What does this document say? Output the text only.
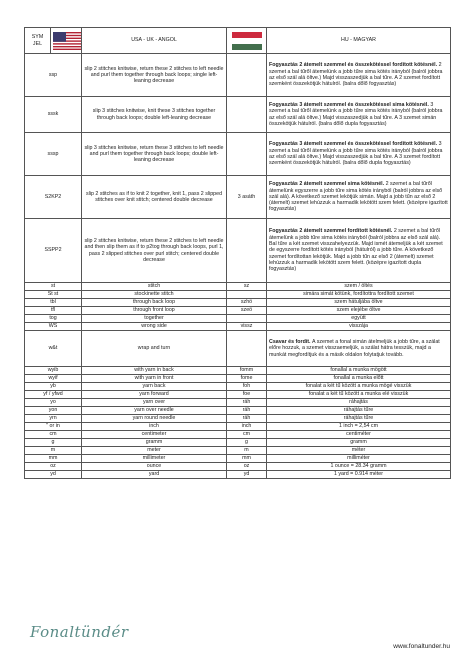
SYM JEL		USA - UK - ANGOL		HU - MAGYAR
ssp		slip 2 stitches knitwise, return these 2 stitches to left needle and purl them together through back loops; single left-leaning decrease		Fogyasztás 2 átemelt szemmel és összekötéssel fordított kötésnél. 2 szemet a bal tűről átemelünk a jobb tűre sima kötés irányból (balról jobbra az első szál alá öltve.) Majd visszaszedjük a bal tűre. A 2 szemet fordított szemként összekötjük hátulról. (balra dőlő fogyasztás)
sssk		slip 3 stitches knitwise, knit these 3 stitches together through back loops; double left-leaning decrease		Fogyasztás 3 átemelt szemmel és összekötéssel sima kötésnél. 3 szemet a bal tűről átemelünk a jobb tűre sima kötés irányból (balról jobbra az első szál alá öltve.) Majd visszaszedjük a bal tűre. A 3 szemet simán összekötjük hátulról. (balra dőlő dupla fogyasztás)
sssp		slip 3 stitches knitwise, return these 3 stitches to left needle and purl them together through back loops; double left-leaning decrease		Fogyasztás 3 átemelt szemmel és összekötéssel fordított kötésnél. 3 szemet a bal tűről átemelünk a jobb tűre sima kötés irányból (balról jobbra az első szál alá öltve.) Majd visszaszedjük a bal tűre. A 3 szemet fordított szemként összekötjük hátulról. (balra dőlő dupla fogyasztás)
S2KP2		slip 2 stitches as if to knit 2 together, knit 1, pass 2 slipped stitches over knit stitch; centered double decrease	3 asáth	Fogyasztás 2 átemelt szemmel sima kötésnél. 2 szemet a bal tűről átemelünk egyszerre a jobb tűre sima kötés irányból (balról jobbra az első szál alá). A következő szemet lekötjük simán. Majd a jobb tűn az első 2 (átemelt) szemet lehúzzuk a harmadik lekötött szem felett. (középre igazított fogyasztás)
SSPP2		slip 2 stitches knitwise, return these 2 stitches to left needle and then slip them as if to p2tog through back loops, purl 1, pass 2 slipped stitches over purl stitch; centered double decrease		Fogyasztás 2 átemelt szemmel fordított kötésnél. 2 szemet a bal tűről átemelünk a jobb tűre sima kötés irányból (balról jobbra az első szál alá). Bal tűre a két szemet visszahelyezzük. Majd ismét átemeljük a két szemet de egyszerre fordított kötés irányból (hátulról) a jobb tűre. A következő szemet fordítottan lekötjük. Majd a jobb tűn az első 2 (átemelt) szemet lehúzzuk a harmadik lekötött szem felett. (középre igazított dupla fogyasztás)
st		stitch	sz	szem / öltés
St st		stockinette stitch		simára simát kötünk, fordítottra fordított szemet
tbl		through back loop	szhö	szem hátuljába öltve
tfl		through front loop	szeö	szem elejébe öltve
tog		together		együtt
WS		wrong side	vissz	visszája
w&t		wrap and turn		Csavar és fordít. A szemet a fonal simán átelmeljük a jobb tűre, a szálat előre hozzuk, a szemet visszaemeljük, a szálat hátra tesszük, majd a munkát megfordítjuk és a másik oldalon folytatjuk tovább.
wyib		with yarn in back	fomm	fonallal a munka mögött
wyif		with yarn in front	fome	fonallal a munka előtt
yb		yarn back	foh	fonalat a két tű között a munka mögé visszük
yf / yfwd		yarn forward	foe	fonalat a két tű között a munka elé visszük
yo		yarn over	ráh	ráhajtás
yon		yarn over needle	ráh	ráhajtás tűre
yrn		yarn round needle	ráh	ráhajtás tűre
" or in		inch	inch	1 inch = 2,54 cm
cm		centimeter	cm	centiméter
g		gramm	g	gramm
m		meter	m	méter
mm		millimeter	mm	milliméter
oz		ounce	oz	1 ounce = 28.34 gramm
yd		yard	yd	1 yard = 0.914 méter
Fonaltündér
www.fonaltunder.hu
